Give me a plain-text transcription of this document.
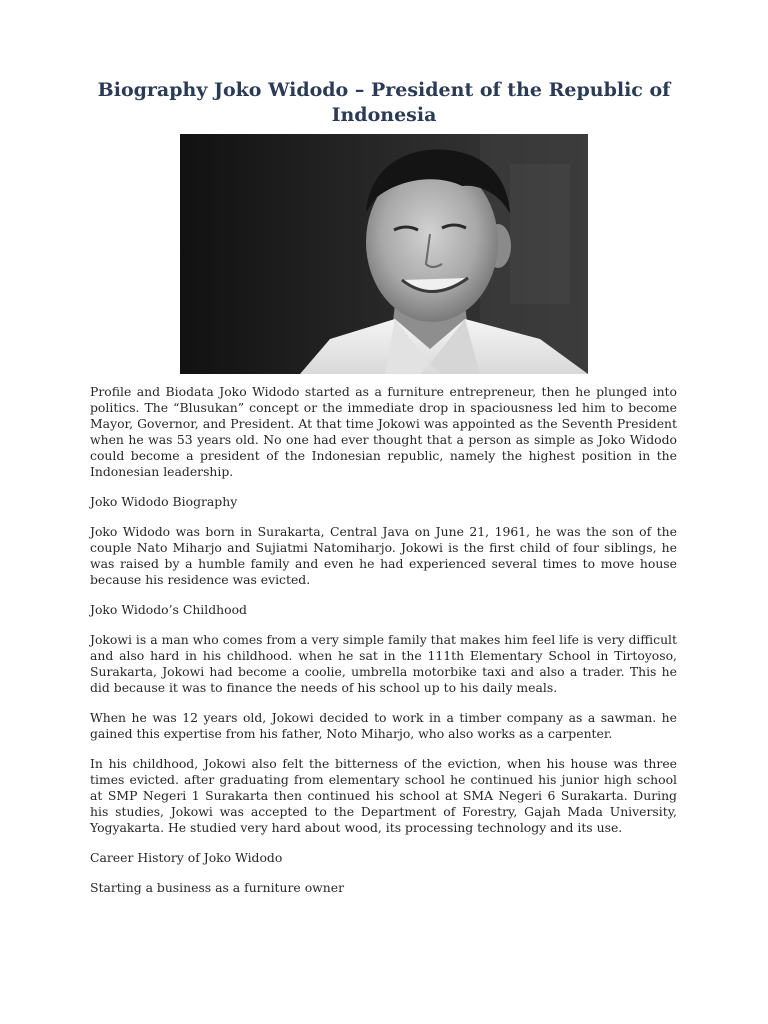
Biography Joko Widodo – President of the Republic of Indonesia

Profile and Biodata Joko Widodo started as a furniture entrepreneur, then he plunged into politics. The “Blusukan” concept or the immediate drop in spaciousness led him to become Mayor, Governor, and President. At that time Jokowi was appointed as the Seventh President when he was 53 years old. No one had ever thought that a person as simple as Joko Widodo could become a president of the Indonesian republic, namely the highest position in the Indonesian leadership.

Joko Widodo Biography

Joko Widodo was born in Surakarta, Central Java on June 21, 1961, he was the son of the couple Nato Miharjo and Sujiatmi Natomiharjo. Jokowi is the first child of four siblings, he was raised by a humble family and even he had experienced several times to move house because his residence was evicted.

Joko Widodo’s Childhood

Jokowi is a man who comes from a very simple family that makes him feel life is very difficult and also hard in his childhood. when he sat in the 111th Elementary School in Tirtoyoso, Surakarta, Jokowi had become a coolie, umbrella motorbike taxi and also a trader. This he did because it was to finance the needs of his school up to his daily meals.

When he was 12 years old, Jokowi decided to work in a timber company as a sawman. he gained this expertise from his father, Noto Miharjo, who also works as a carpenter.

In his childhood, Jokowi also felt the bitterness of the eviction, when his house was three times evicted. after graduating from elementary school he continued his junior high school at SMP Negeri 1 Surakarta then continued his school at SMA Negeri 6 Surakarta. During his studies, Jokowi was accepted to the Department of Forestry, Gajah Mada University, Yogyakarta. He studied very hard about wood, its processing technology and its use.

Career History of Joko Widodo

Starting a business as a furniture owner
